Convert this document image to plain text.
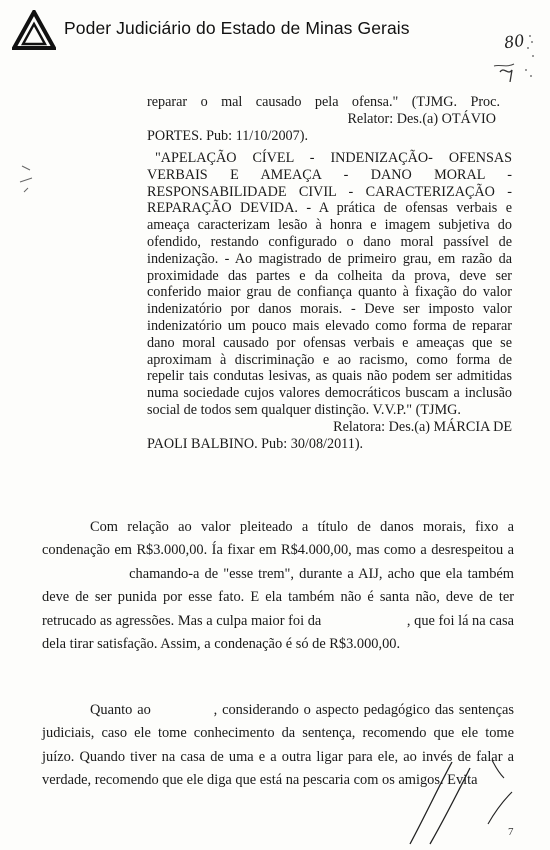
Poder Judiciário do Estado de Minas Gerais
80

reparar o mal causado pela ofensa." (TJMG. Proc.

Relator: Des.(a) OTÁVIO

PORTES. Pub: 11/10/2007).

"APELAÇÃO CÍVEL - INDENIZAÇÃO- OFENSAS VERBAIS E AMEAÇA - DANO MORAL - RESPONSABILIDADE CIVIL - CARACTERIZAÇÃO - REPARAÇÃO DEVIDA. - A prática de ofensas verbais e ameaça caracterizam lesão à honra e imagem subjetiva do ofendido, restando configurado o dano moral passível de indenização. - Ao magistrado de primeiro grau, em razão da proximidade das partes e da colheita da prova, deve ser conferido maior grau de confiança quanto à fixação do valor indenizatório por danos morais. - Deve ser imposto valor indenizatório um pouco mais elevado como forma de reparar dano moral causado por ofensas verbais e ameaças que se aproximam à discriminação e ao racismo, como forma de repelir tais condutas lesivas, as quais não podem ser admitidas numa sociedade cujos valores democráticos buscam a inclusão social de todos sem qualquer distinção. V.V.P." (TJMG.

Relatora: Des.(a) MÁRCIA DE

PAOLI BALBINO. Pub: 30/08/2011).

Com relação ao valor pleiteado a título de danos morais, fixo a condenação em R$3.000,00. Ía fixar em R$4.000,00, mas como a desrespeitou a  chamando-a de "esse trem", durante a AIJ, acho que ela também deve de ser punida por esse fato. E ela também não é santa não, deve de ter retrucado as agressões. Mas a culpa maior foi da	, que foi lá na casa dela tirar satisfação. Assim, a condenação é só de R$3.000,00.

Quanto ao	, considerando o aspecto pedagógico das sentenças judiciais, caso ele tome conhecimento da sentença, recomendo que ele tome juízo. Quando tiver na casa de uma e a outra ligar para ele, ao invés de falar a verdade, recomendo que ele diga que está na pescaria com os amigos. Evita

7
